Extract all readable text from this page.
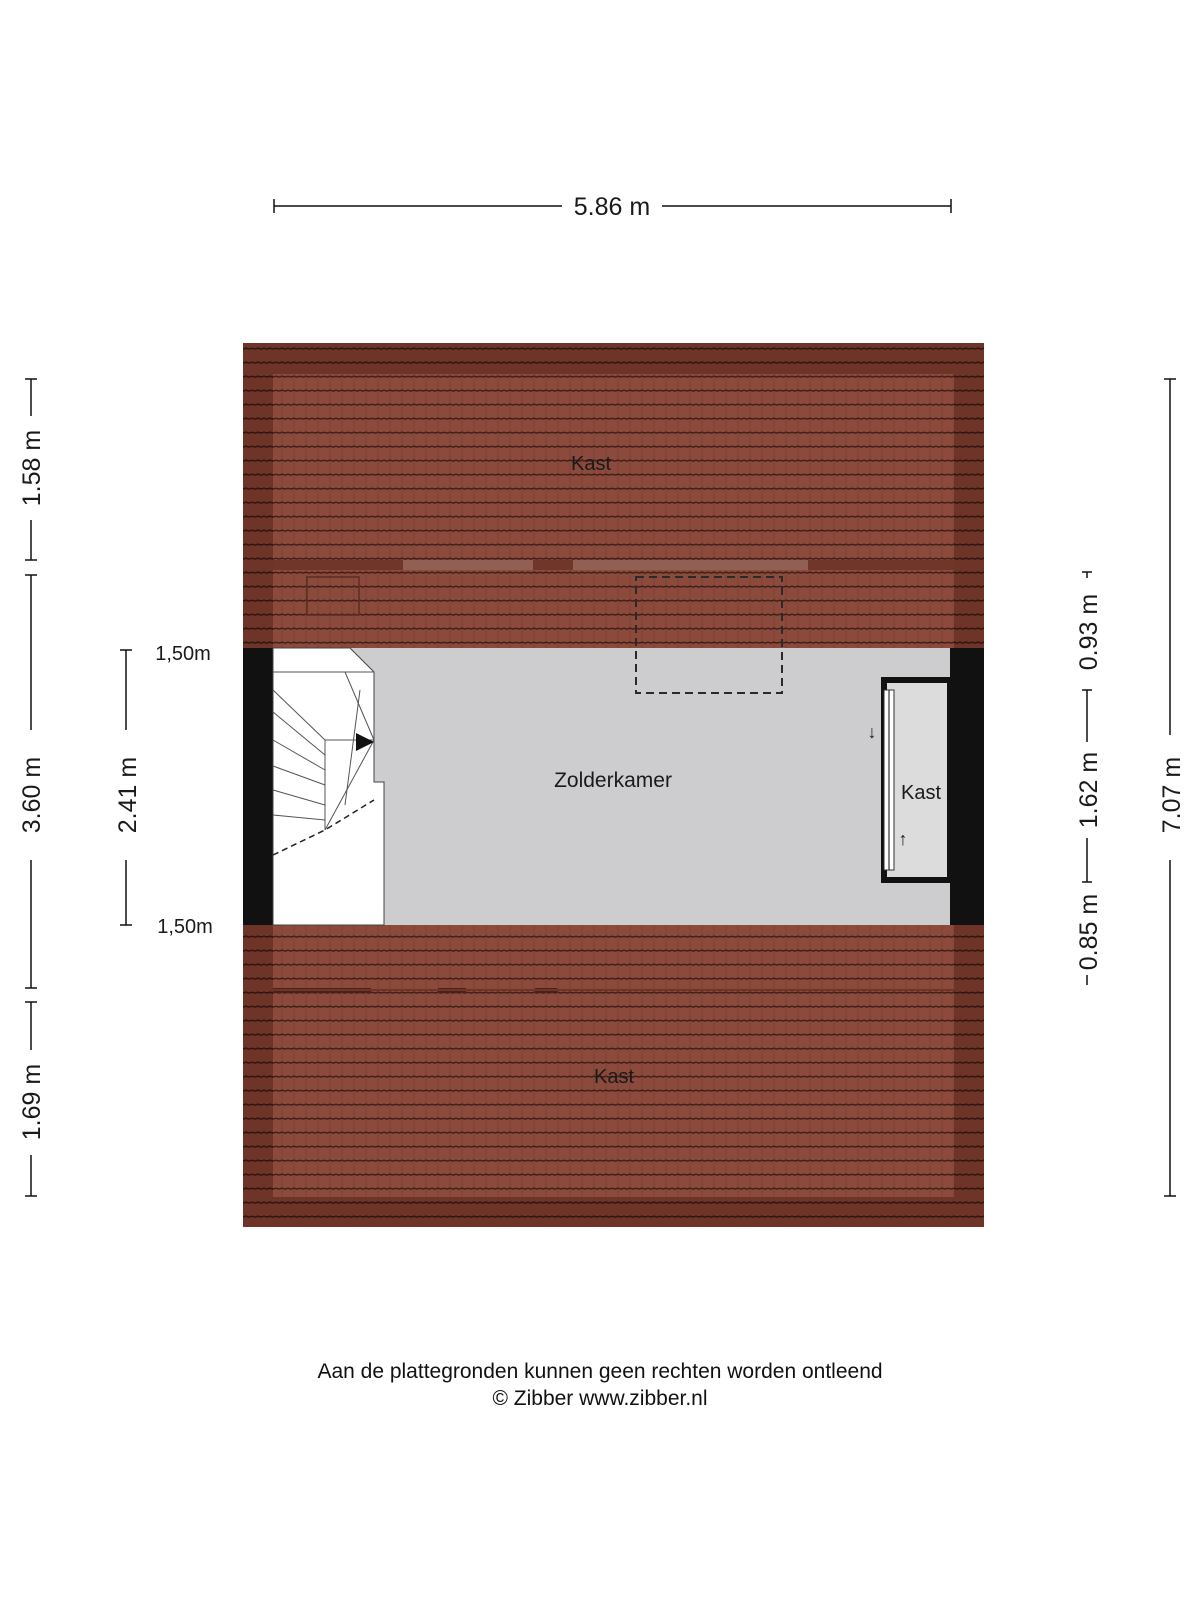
↓
↑
Kast
Zolderkamer
Kast
Kast
5.86 m
1.58 m
3.60 m
1.69 m
2.41 m
1,50m
1,50m
7.07 m
0.93 m
1.62 m
0.85 m
Aan de plattegronden kunnen geen rechten worden ontleend
© Zibber www.zibber.nl
